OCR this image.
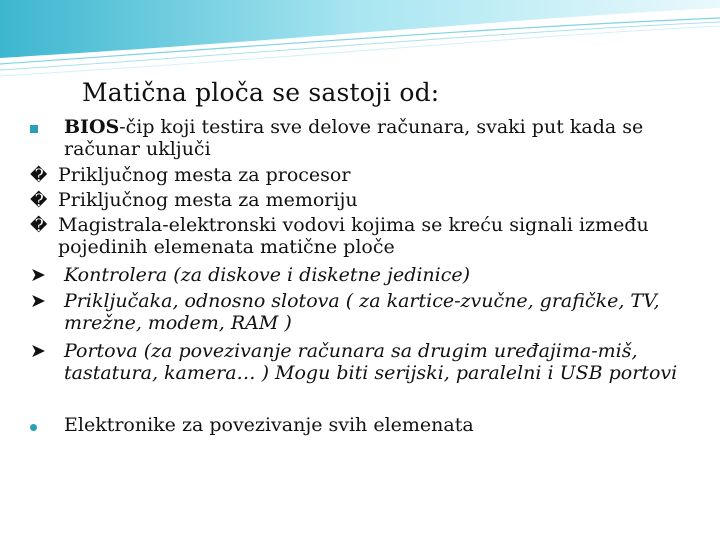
Matična ploča se sastoji od:
BIOS-čip koji testira sve delove računara, svaki put kada se računar uključi
� Priključnog mesta za procesor
� Priključnog mesta za memoriju
� Magistrala-elektronski vodovi kojima se kreću signali između pojedinih elemenata matične ploče
➤ Kontrolera (za diskove i disketne jedinice)
➤ Priključaka, odnosno slotova ( za kartice-zvučne, grafičke, TV, mrežne, modem, RAM )
➤ Portova (za povezivanje računara sa drugim uređajima-miš, tastatura, kamera… ) Mogu biti serijski, paralelni i USB portovi
Elektronike za povezivanje svih elemenata
